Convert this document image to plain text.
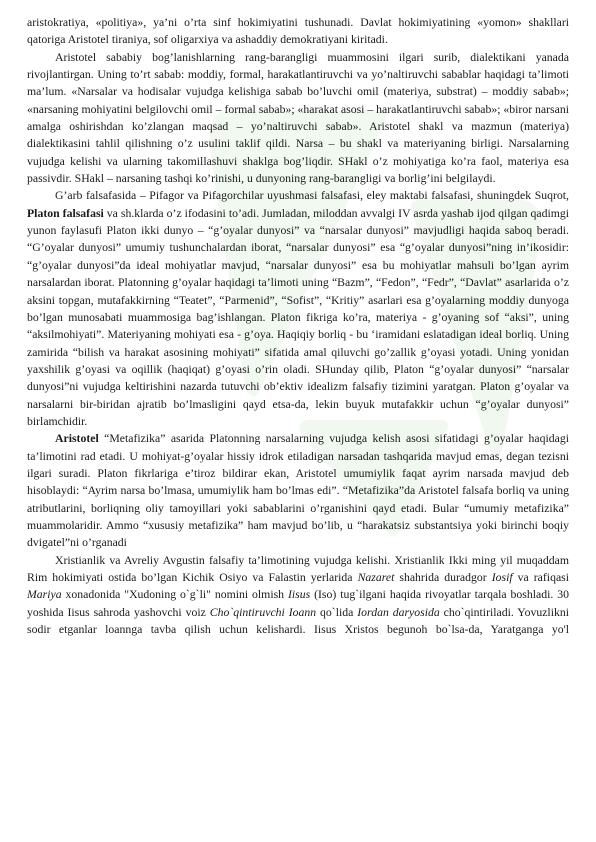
aristokratiya, «politiya», ya’ni o’rta sinf hokimiyatini tushunadi. Davlat hokimiyatining «yomon» shakllari qatoriga Aristotel tiraniya, sof oligarxiya va ashaddiy demokratiyani kiritadi.

Aristotel sababiy bog’lanishlarning rang-barangligi muammosini ilgari surib, dialektikani yanada rivojlantirgan. Uning to’rt sabab: moddiy, formal, harakatlantiruvchi va yo’naltiruvchi sabablar haqidagi ta’limoti ma’lum. «Narsalar va hodisalar vujudga kelishiga sabab bo’luvchi omil (materiya, substrat) – moddiy sabab»; «narsaning mohiyatini belgilovchi omil – formal sabab»; «harakat asosi – harakatlantiruvchi sabab»; «biror narsani amalga oshirishdan ko’zlangan maqsad – yo’naltiruvchi sabab». Aristotel shakl va mazmun (materiya) dialektikasini tahlil qilishning o’z usulini taklif qildi. Narsa – bu shakl va materiyaning birligi. Narsalarning vujudga kelishi va ularning takomillashuvi shaklga bog’liqdir. SHakl o’z mohiyatiga ko’ra faol, materiya esa passivdir. SHakl – narsaning tashqi ko’rinishi, u dunyoning rang-barangligi va borlig’ini belgilaydi.

G’arb falsafasida – Pifagor va Pifagorchilar uyushmasi falsafasi, eley maktabi falsafasi, shuningdek Suqrot, Platon falsafasi va sh.klarda o’z ifodasini to’adi. Jumladan, miloddan avvalgi IV asrda yashab ijod qilgan qadimgi yunon faylasufi Platon ikki dunyo – “g’oyalar dunyosi” va “narsalar dunyosi” mavjudligi haqida saboq beradi. “G’oyalar dunyosi” umumiy tushunchalardan iborat, “narsalar dunyosi” esa “g’oyalar dunyosi”ning in’ikosidir: “g’oyalar dunyosi”da ideal mohiyatlar mavjud, “narsalar dunyosi” esa bu mohiyatlar mahsuli bo’lgan ayrim narsalardan iborat. Platonning g’oyalar haqidagi ta’limoti uning “Bazm”, “Fedon”, “Fedr”, “Davlat” asarlarida o’z aksini topgan, mutafakkirning “Teatet”, “Parmenid”, “Sofist”, “Kritiy” asarlari esa g’oyalarning moddiy dunyoga bo’lgan munosabati muammosiga bag’ishlangan. Platon fikriga ko’ra, materiya - g’oyaning sof “aksi”, uning “aksilmohiyati”. Materiyaning mohiyati esa - g’oya. Haqiqiy borliq - bu ‘iramidani eslatadigan ideal borliq. Uning zamirida “bilish va harakat asosining mohiyati” sifatida amal qiluvchi go’zallik g’oyasi yotadi. Uning yonidan yaxshilik g’oyasi va oqillik (haqiqat) g’oyasi o’rin oladi. SHunday qilib, Platon “g’oyalar dunyosi” “narsalar dunyosi”ni vujudga keltirishini nazarda tutuvchi ob’ektiv idealizm falsafiy tizimini yaratgan. Platon g’oyalar va narsalarni bir-biridan ajratib bo’lmasligini qayd etsa-da, lekin buyuk mutafakkir uchun “g’oyalar dunyosi” birlamchidir.

Aristotel “Metafizika” asarida Platonning narsalarning vujudga kelish asosi sifatidagi g’oyalar haqidagi ta’limotini rad etadi. U mohiyat-g’oyalar hissiy idrok etiladigan narsadan tashqarida mavjud emas, degan tezisni ilgari suradi. Platon fikrlariga e’tiroz bildirar ekan, Aristotel umumiylik faqat ayrim narsada mavjud deb hisoblaydi: “Ayrim narsa bo’lmasa, umumiylik ham bo’lmas edi”. “Metafizika”da Aristotel falsafa borliq va uning atributlarini, borliqning oliy tamoyillari yoki sabablarini o’rganishini qayd etadi. Bular “umumiy metafizika” muammolaridir. Ammo “xususiy metafizika” ham mavjud bo’lib, u “harakatsiz substantsiya yoki birinchi boqiy dvigatel”ni o’rganadi

Xristianlik va Avreliy Avgustin falsafiy ta’limotining vujudga kelishi. Xristianlik Ikki ming yil muqaddam Rim hokimiyati ostida bo’lgan Kichik Osiyo va Falastin yerlarida Nazaret shahrida duradgor Iosif va rafiqasi Mariya xonadonida "Xudoning o`g`li" nomini olmish Iisus (Iso) tug`ilgani haqida rivoyatlar tarqala boshladi. 30 yoshida Iisus sahroda yashovchi voiz Cho`qintiruvchi Ioann qo`lida Iordan daryosida cho`qintiriladi. Yovuzlikni sodir etganlar loannga tavba qilish uchun kelishardi. Iisus Xristos begunoh bo`lsa-da, Yaratganga yo'l
